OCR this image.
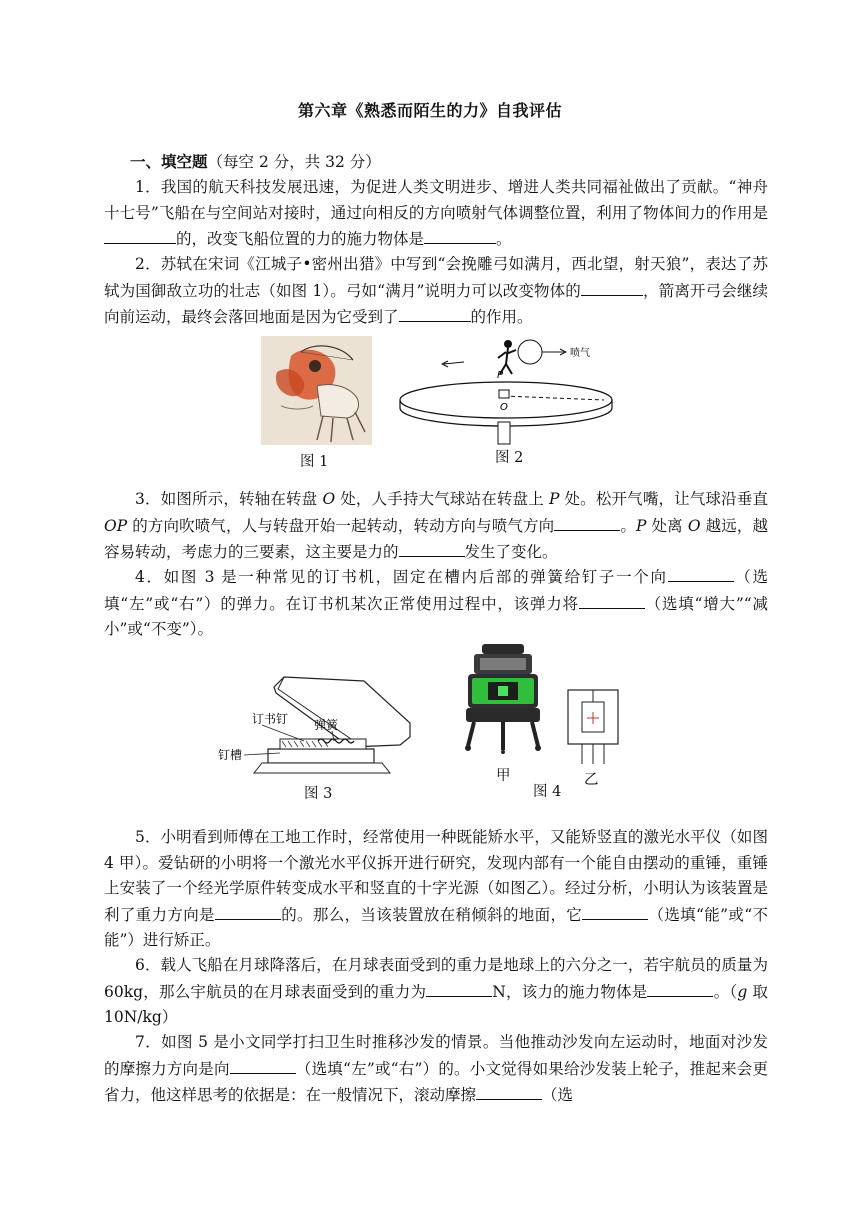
第六章《熟悉而陌生的力》自我评估
一、填空题（每空 2 分，共 32 分）

1．我国的航天科技发展迅速，为促进人类文明进步、增进人类共同福祉做出了贡献。“神舟十七号”飞船在与空间站对接时，通过向相反的方向喷射气体调整位置，利用了物体间力的作用是的，改变飞船位置的力的施力物体是	。

2．苏轼在宋词《江城子•密州出猎》中写到“会挽雕弓如满月，西北望，射天狼”，表达了苏轼为国御敌立功的壮志（如图 1）。弓如“满月”说明力可以改变物体的	，箭离开弓会继续向前运动，最终会落回地面是因为它受到了	的作用。

图 1
喷气
P
O
图 2

3．如图所示，转轴在转盘 O 处，人手持大气球站在转盘上 P 处。松开气嘴，让气球沿垂直 OP 的方向吹喷气，人与转盘开始一起转动，转动方向与喷气方向	。P 处离 O 越远，越容易转动，考虑力的三要素，这主要是力的	发生了变化。

4．如图 3 是一种常见的订书机，固定在槽内后部的弹簧给钉子一个向	（选填“左”或“右”）的弹力。在订书机某次正常使用过程中，该弹力将	（选填“增大”“减小”或“不变”）。

订书钉 弹簧
钉槽
图 3
甲
图 4
乙

5．小明看到师傅在工地工作时，经常使用一种既能矫水平，又能矫竖直的激光水平仪（如图 4 甲）。爱钻研的小明将一个激光水平仪拆开进行研究，发现内部有一个能自由摆动的重锤，重锤上安装了一个经光学原件转变成水平和竖直的十字光源（如图乙）。经过分析，小明认为该装置是利了重力方向是	的。那么，当该装置放在稍倾斜的地面，它	（选填“能”或“不能”）进行矫正。

6．载人飞船在月球降落后，在月球表面受到的重力是地球上的六分之一，若宇航员的质量为 60kg，那么宇航员的在月球表面受到的重力为	N，该力的施力物体是	。（g 取 10N/kg）

7．如图 5 是小文同学打扫卫生时推移沙发的情景。当他推动沙发向左运动时，地面对沙发的摩擦力方向是向	（选填“左”或“右”）的。小文觉得如果给沙发装上轮子，推起来会更省力，他这样思考的依据是：在一般情况下，滚动摩擦	（选
